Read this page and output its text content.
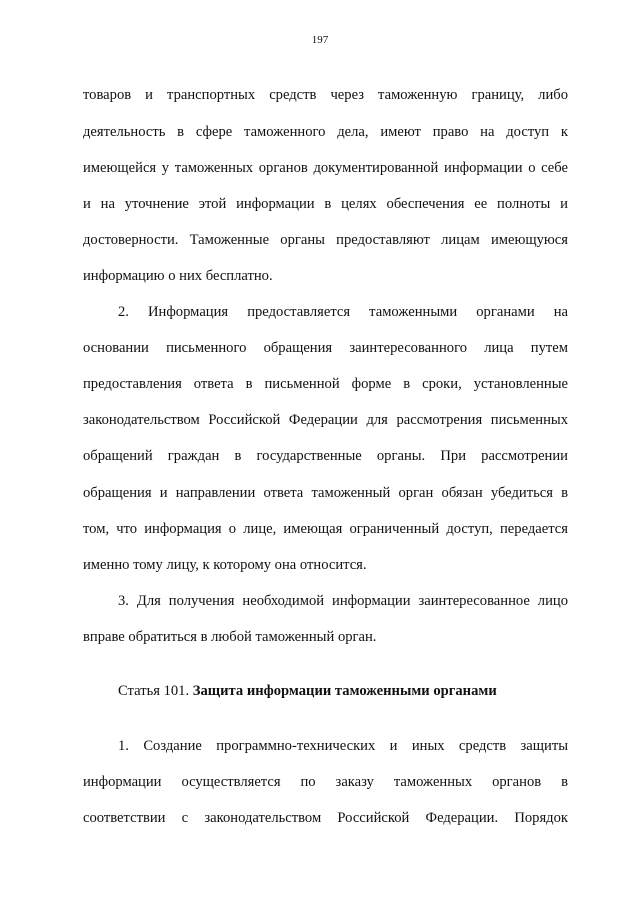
197
товаров и транспортных средств через таможенную границу, либо
деятельность в сфере таможенного дела, имеют право на доступ к
имеющейся у таможенных органов документированной информации о себе
и на уточнение этой информации в целях обеспечения ее полноты и
достоверности. Таможенные органы предоставляют лицам имеющуюся
информацию о них бесплатно.
2. Информация предоставляется таможенными органами на
основании письменного обращения заинтересованного лица путем
предоставления ответа в письменной форме в сроки, установленные
законодательством Российской Федерации для рассмотрения письменных
обращений граждан в государственные органы. При рассмотрении
обращения и направлении ответа таможенный орган обязан убедиться в
том, что информация о лице, имеющая ограниченный доступ, передается
именно тому лицу, к которому она относится.
3. Для получения необходимой информации заинтересованное лицо
вправе обратиться в любой таможенный орган.
Статья 101. Защита информации таможенными органами
1. Создание программно-технических и иных средств защиты
информации осуществляется по заказу таможенных органов в
соответствии с законодательством Российской Федерации. Порядок
